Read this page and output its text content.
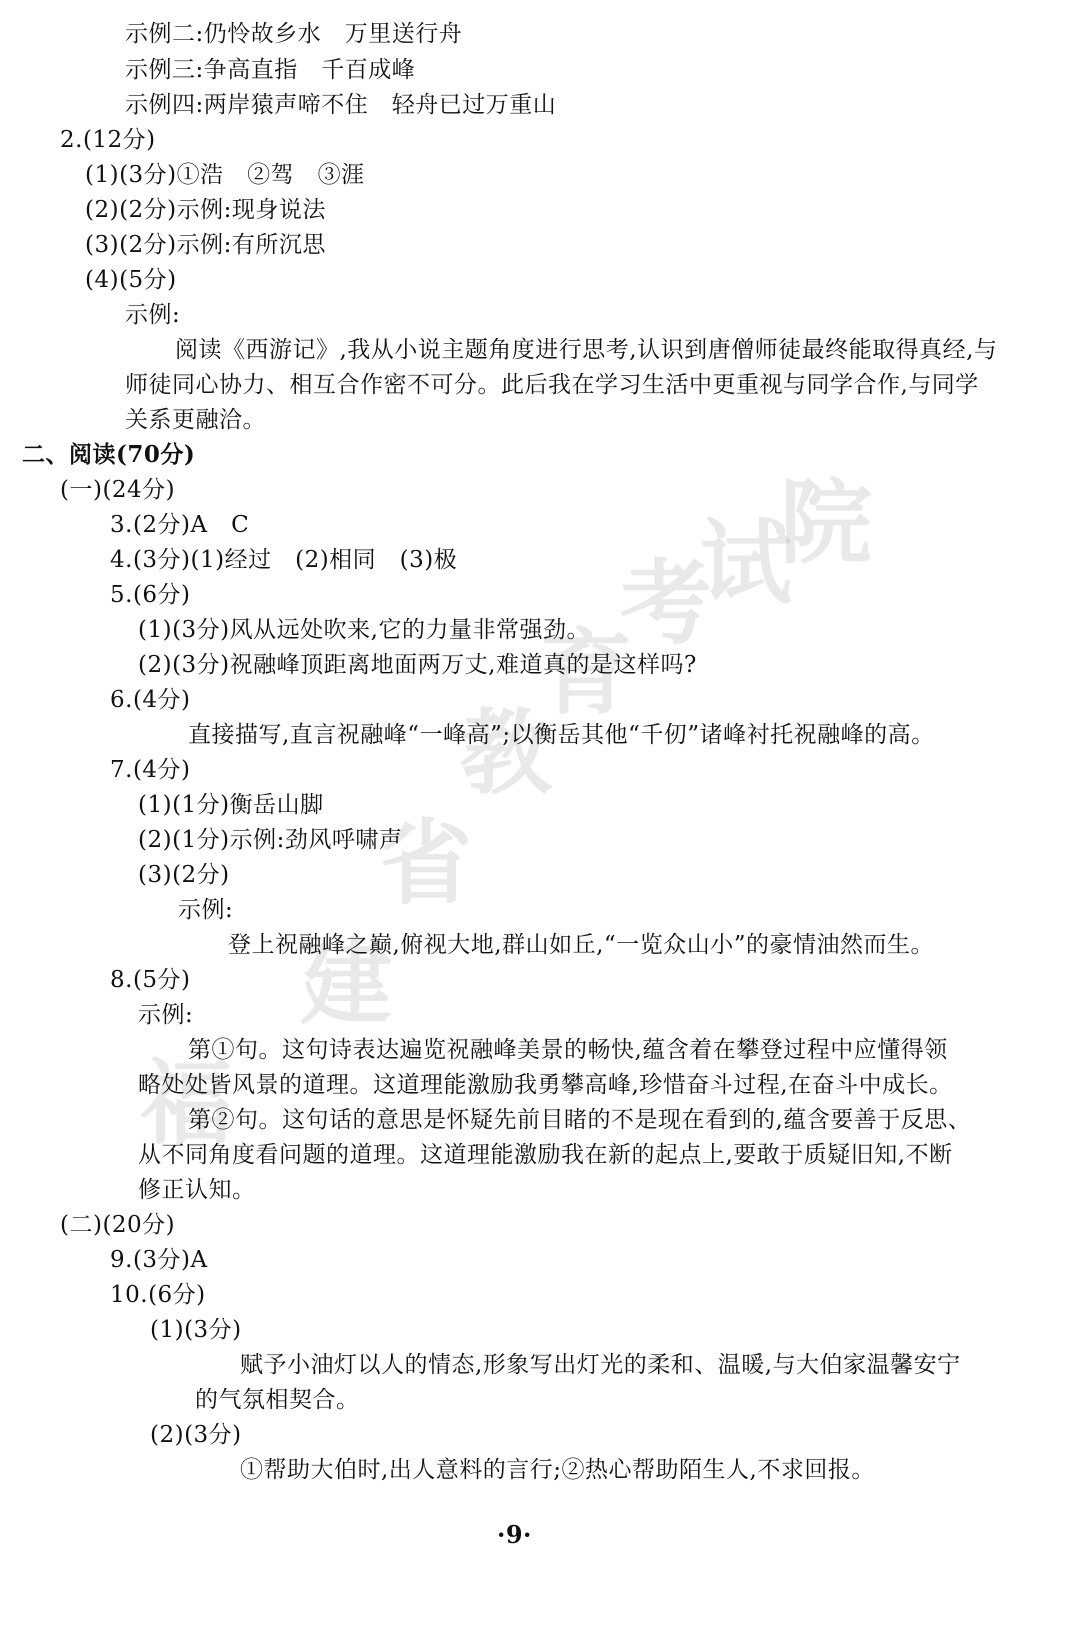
福
建
省
教
育
考
试
院
示例二:仍怜故乡水　万里送行舟
示例三:争高直指　千百成峰
示例四:两岸猿声啼不住　轻舟已过万重山
2.(12分)
(1)(3分)①浩　②驾　③涯
(2)(2分)示例:现身说法
(3)(2分)示例:有所沉思
(4)(5分)
示例:
阅读《西游记》,我从小说主题角度进行思考,认识到唐僧师徒最终能取得真经,与
师徒同心协力、相互合作密不可分。此后我在学习生活中更重视与同学合作,与同学
关系更融洽。
二、阅读(70分)
(一)(24分)
3.(2分)A　C
4.(3分)(1)经过　(2)相同　(3)极
5.(6分)
(1)(3分)风从远处吹来,它的力量非常强劲。
(2)(3分)祝融峰顶距离地面两万丈,难道真的是这样吗?
6.(4分)
直接描写,直言祝融峰“一峰高”;以衡岳其他“千仞”诸峰衬托祝融峰的高。
7.(4分)
(1)(1分)衡岳山脚
(2)(1分)示例:劲风呼啸声
(3)(2分)
示例:
登上祝融峰之巅,俯视大地,群山如丘,“一览众山小”的豪情油然而生。
8.(5分)
示例:
第①句。这句诗表达遍览祝融峰美景的畅快,蕴含着在攀登过程中应懂得领
略处处皆风景的道理。这道理能激励我勇攀高峰,珍惜奋斗过程,在奋斗中成长。
第②句。这句话的意思是怀疑先前目睹的不是现在看到的,蕴含要善于反思、
从不同角度看问题的道理。这道理能激励我在新的起点上,要敢于质疑旧知,不断
修正认知。
(二)(20分)
9.(3分)A
10.(6分)
(1)(3分)
赋予小油灯以人的情态,形象写出灯光的柔和、温暖,与大伯家温馨安宁
的气氛相契合。
(2)(3分)
①帮助大伯时,出人意料的言行;②热心帮助陌生人,不求回报。
·9·
